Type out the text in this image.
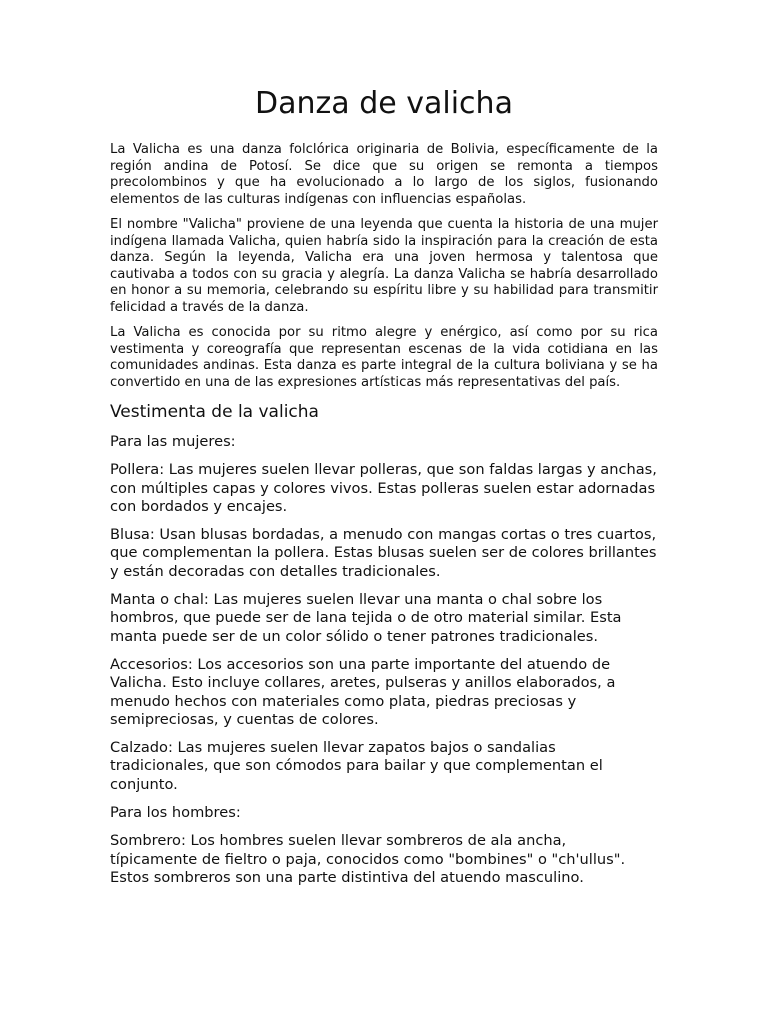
Danza de valicha

La Valicha es una danza folclórica originaria de Bolivia, específicamente de la región andina de Potosí. Se dice que su origen se remonta a tiempos precolombinos y que ha evolucionado a lo largo de los siglos, fusionando elementos de las culturas indígenas con influencias españolas.

El nombre "Valicha" proviene de una leyenda que cuenta la historia de una mujer indígena llamada Valicha, quien habría sido la inspiración para la creación de esta danza. Según la leyenda, Valicha era una joven hermosa y talentosa que cautivaba a todos con su gracia y alegría. La danza Valicha se habría desarrollado en honor a su memoria, celebrando su espíritu libre y su habilidad para transmitir felicidad a través de la danza.

La Valicha es conocida por su ritmo alegre y enérgico, así como por su rica vestimenta y coreografía que representan escenas de la vida cotidiana en las comunidades andinas. Esta danza es parte integral de la cultura boliviana y se ha convertido en una de las expresiones artísticas más representativas del país.

Vestimenta de la valicha

Para las mujeres:

Pollera: Las mujeres suelen llevar polleras, que son faldas largas y anchas, con múltiples capas y colores vivos. Estas polleras suelen estar adornadas con bordados y encajes.

Blusa: Usan blusas bordadas, a menudo con mangas cortas o tres cuartos, que complementan la pollera. Estas blusas suelen ser de colores brillantes y están decoradas con detalles tradicionales.

Manta o chal: Las mujeres suelen llevar una manta o chal sobre los hombros, que puede ser de lana tejida o de otro material similar. Esta manta puede ser de un color sólido o tener patrones tradicionales.

Accesorios: Los accesorios son una parte importante del atuendo de Valicha. Esto incluye collares, aretes, pulseras y anillos elaborados, a menudo hechos con materiales como plata, piedras preciosas y semipreciosas, y cuentas de colores.

Calzado: Las mujeres suelen llevar zapatos bajos o sandalias tradicionales, que son cómodos para bailar y que complementan el conjunto.

Para los hombres:

Sombrero: Los hombres suelen llevar sombreros de ala ancha, típicamente de fieltro o paja, conocidos como "bombines" o "ch'ullus". Estos sombreros son una parte distintiva del atuendo masculino.
